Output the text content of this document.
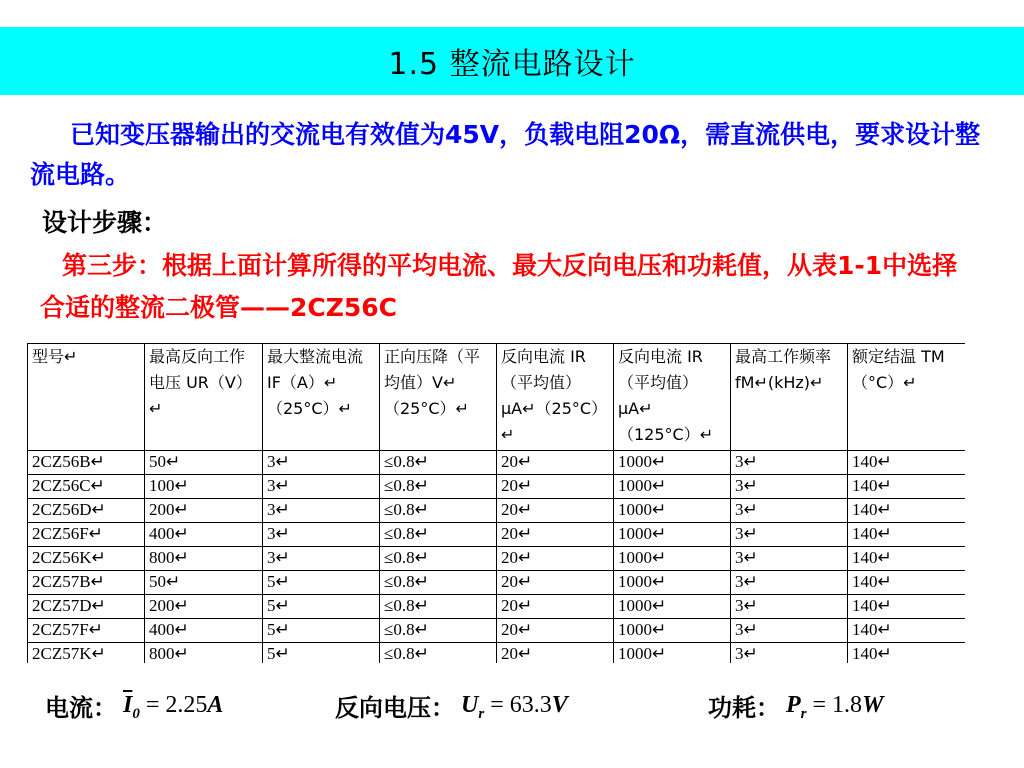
1.5 整流电路设计

已知变压器输出的交流电有效值为45V，负载电阻20Ω，需直流供电，要求设计整流电路。

设计步骤：

第三步：根据上面计算所得的平均电流、最大反向电压和功耗值，从表1-1中选择合适的整流二极管——2CZ56C

型号↵	最高反向工作电压 UR（V）↵	最大整流电流IF（A）↵（25°C）↵	正向压降（平均值）V↵（25°C）↵	反向电流 IR（平均值）μA↵（25°C）↵	反向电流 IR（平均值）μA↵（125°C）↵	最高工作频率 fM↵(kHz)↵	额定结温 TM（°C）↵
2CZ56B↵	50↵	3↵	≤0.8↵	20↵	1000↵	3↵	140↵
2CZ56C↵	100↵	3↵	≤0.8↵	20↵	1000↵	3↵	140↵
2CZ56D↵	200↵	3↵	≤0.8↵	20↵	1000↵	3↵	140↵
2CZ56F↵	400↵	3↵	≤0.8↵	20↵	1000↵	3↵	140↵
2CZ56K↵	800↵	3↵	≤0.8↵	20↵	1000↵	3↵	140↵
2CZ57B↵	50↵	5↵	≤0.8↵	20↵	1000↵	3↵	140↵
2CZ57D↵	200↵	5↵	≤0.8↵	20↵	1000↵	3↵	140↵
2CZ57F↵	400↵	5↵	≤0.8↵	20↵	1000↵	3↵	140↵
2CZ57K↵	800↵	5↵	≤0.8↵	20↵	1000↵	3↵	140↵
电流： $\overline{I}_0 = 2.25A$	反向电压： $U_r = 63.3V$	功耗： $P_r = 1.8W$
